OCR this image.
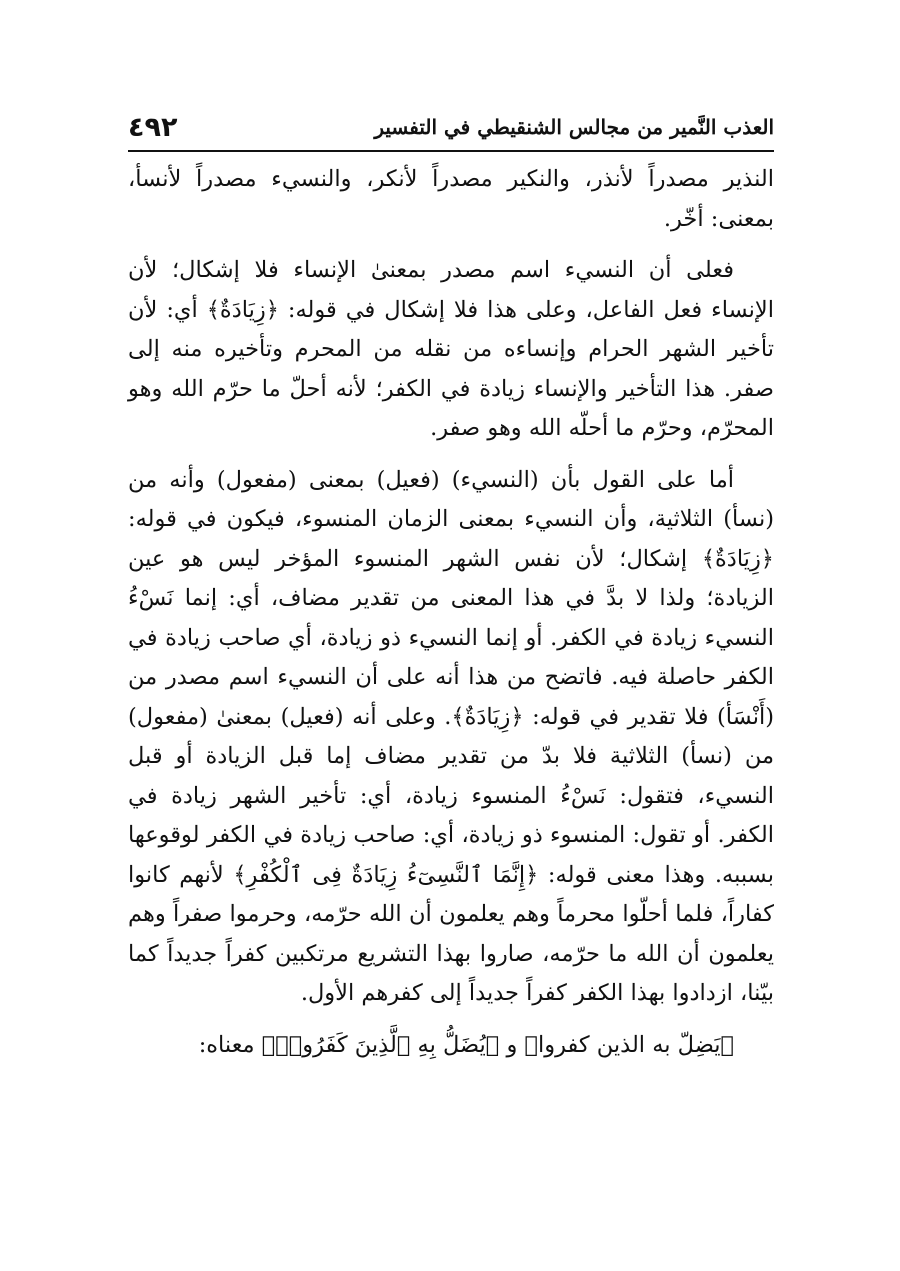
العذب النَّمير من مجالس الشنقيطي في التفسير
٤٩٢

النذير مصدراً لأنذر، والنكير مصدراً لأنكر، والنسيء مصدراً لأنسأ، بمعنى: أخّر.

فعلى أن النسيء اسم مصدر بمعنىٰ الإنساء فلا إشكال؛ لأن الإنساء فعل الفاعل، وعلى هذا فلا إشكال في قوله: ﴿زِيَادَةٌ﴾ أي: لأن تأخير الشهر الحرام وإنساءه من نقله من المحرم وتأخيره منه إلى صفر. هذا التأخير والإنساء زيادة في الكفر؛ لأنه أحلّ ما حرّم الله وهو المحرّم، وحرّم ما أحلّه الله وهو صفر.

أما على القول بأن (النسيء) (فعيل) بمعنى (مفعول) وأنه من (نسأ) الثلاثية، وأن النسيء بمعنى الزمان المنسوء، فيكون في قوله: ﴿زِيَادَةٌ﴾ إشكال؛ لأن نفس الشهر المنسوء المؤخر ليس هو عين الزيادة؛ ولذا لا بدَّ في هذا المعنى من تقدير مضاف، أي: إنما نَسْءُ النسيء زيادة في الكفر. أو إنما النسيء ذو زيادة، أي صاحب زيادة في الكفر حاصلة فيه. فاتضح من هذا أنه على أن النسيء اسم مصدر من (أَنْسَأ) فلا تقدير في قوله: ﴿زِيَادَةٌ﴾. وعلى أنه (فعيل) بمعنىٰ (مفعول) من (نسأ) الثلاثية فلا بدّ من تقدير مضاف إما قبل الزيادة أو قبل النسيء، فتقول: نَسْءُ المنسوء زيادة، أي: تأخير الشهر زيادة في الكفر. أو تقول: المنسوء ذو زيادة، أي: صاحب زيادة في الكفر لوقوعها بسببه. وهذا معنى قوله: ﴿إِنَّمَا ٱلنَّسِىٓءُ زِيَادَةٌ فِى ٱلْكُفْرِ﴾ لأنهم كانوا كفاراً، فلما أحلّوا محرماً وهم يعلمون أن الله حرّمه، وحرموا صفراً وهم يعلمون أن الله ما حرّمه، صاروا بهذا التشريع مرتكبين كفراً جديداً كما بيّنا، ازدادوا بهذا الكفر كفراً جديداً إلى كفرهم الأول.

﴿يَضِلّ به الذين كفروا﴾ و ﴿يُضَلُّ بِهِ ٱلَّذِينَ كَفَرُوا۟﴾ معناه:
